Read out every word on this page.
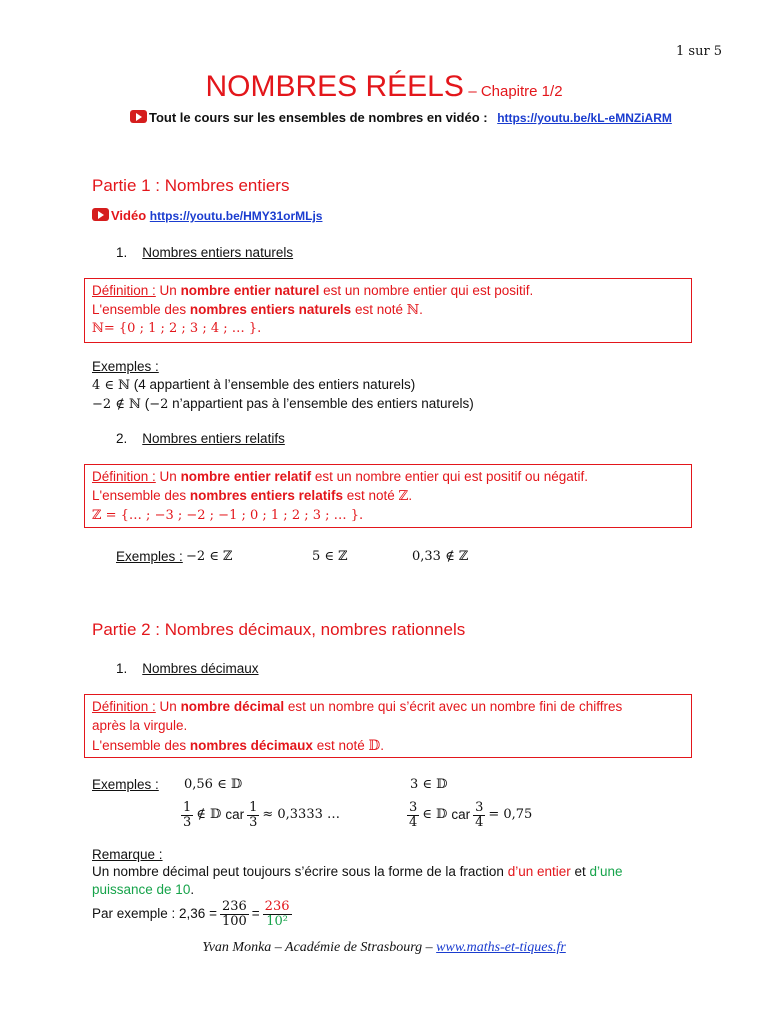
1 sur 5
NOMBRES RÉELS – Chapitre 1/2
Tout le cours sur les ensembles de nombres en vidéo : https://youtu.be/kL-eMNZiARM
Partie 1 : Nombres entiers
Vidéo https://youtu.be/HMY31orMLjs
1.    Nombres entiers naturels
Définition : Un nombre entier naturel est un nombre entier qui est positif.
L'ensemble des nombres entiers naturels est noté ℕ.
ℕ= {0 ; 1 ; 2 ; 3 ; 4 ; … }.
Exemples :
4 ∈ ℕ (4 appartient à l’ensemble des entiers naturels)
−2 ∉ ℕ (−2 n’appartient pas à l’ensemble des entiers naturels)
2.    Nombres entiers relatifs
Définition : Un nombre entier relatif est un nombre entier qui est positif ou négatif.
L'ensemble des nombres entiers relatifs est noté ℤ.
ℤ = {… ; −3 ; −2 ; −1 ; 0 ; 1 ; 2 ; 3 ; … }.
Exemples : −2 ∈ ℤ	5 ∈ ℤ	0,33 ∉ ℤ
Partie 2 : Nombres décimaux, nombres rationnels
1.    Nombres décimaux
Définition : Un nombre décimal est un nombre qui s’écrit avec un nombre fini de chiffres
après la virgule.
L'ensemble des nombres décimaux est noté 𝔻.
Exemples : 0,56 ∈ 𝔻	3 ∈ 𝔻
$\frac{1}{3}$ ∉ 𝔻 car $\frac{1}{3} \approx 0,3333$ …	$\frac{3}{4}$ ∈ 𝔻 car $\frac{3}{4} = 0,75$
Remarque :
Un nombre décimal peut toujours s’écrire sous la forme de la fraction d’un entier et d’une
puissance de 10.
Par exemple : $2,36 = \frac{236}{100} = \frac{236}{\text{10²}}$
Yvan Monka – Académie de Strasbourg – www.maths-et-tiques.fr
